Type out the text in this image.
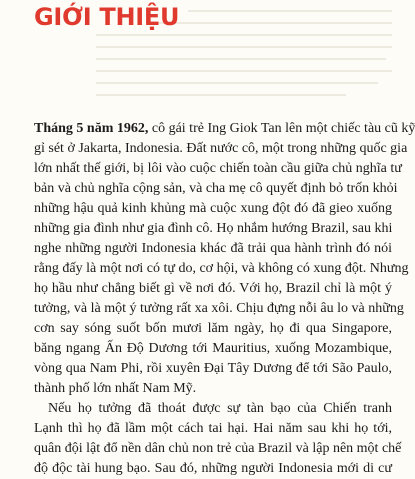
GIỚI THIỆU

Tháng 5 năm 1962, cô gái trẻ Ing Giok Tan lên một chiếc tàu cũ kỹ
gỉ sét ở Jakarta, Indonesia. Đất nước cô, một trong những quốc gia
lớn nhất thế giới, bị lôi vào cuộc chiến toàn cầu giữa chủ nghĩa tư
bản và chủ nghĩa cộng sản, và cha mẹ cô quyết định bỏ trốn khỏi
những hậu quả kinh khủng mà cuộc xung đột đó đã gieo xuống
những gia đình như gia đình cô. Họ nhắm hướng Brazil, sau khi
nghe những người Indonesia khác đã trải qua hành trình đó nói
rằng đấy là một nơi có tự do, cơ hội, và không có xung đột. Nhưng
họ hầu như chẳng biết gì về nơi đó. Với họ, Brazil chỉ là một ý
tưởng, và là một ý tưởng rất xa xôi. Chịu đựng nỗi âu lo và những
cơn say sóng suốt bốn mươi lăm ngày, họ đi qua Singapore,
băng ngang Ấn Độ Dương tới Mauritius, xuống Mozambique,
vòng qua Nam Phi, rồi xuyên Đại Tây Dương để tới São Paulo,
thành phố lớn nhất Nam Mỹ.

Nếu họ tưởng đã thoát được sự tàn bạo của Chiến tranh
Lạnh thì họ đã lầm một cách tai hại. Hai năm sau khi họ tới,
quân đội lật đổ nền dân chủ non trẻ của Brazil và lập nên một chế
độ độc tài hung bạo. Sau đó, những người Indonesia mới di cư
